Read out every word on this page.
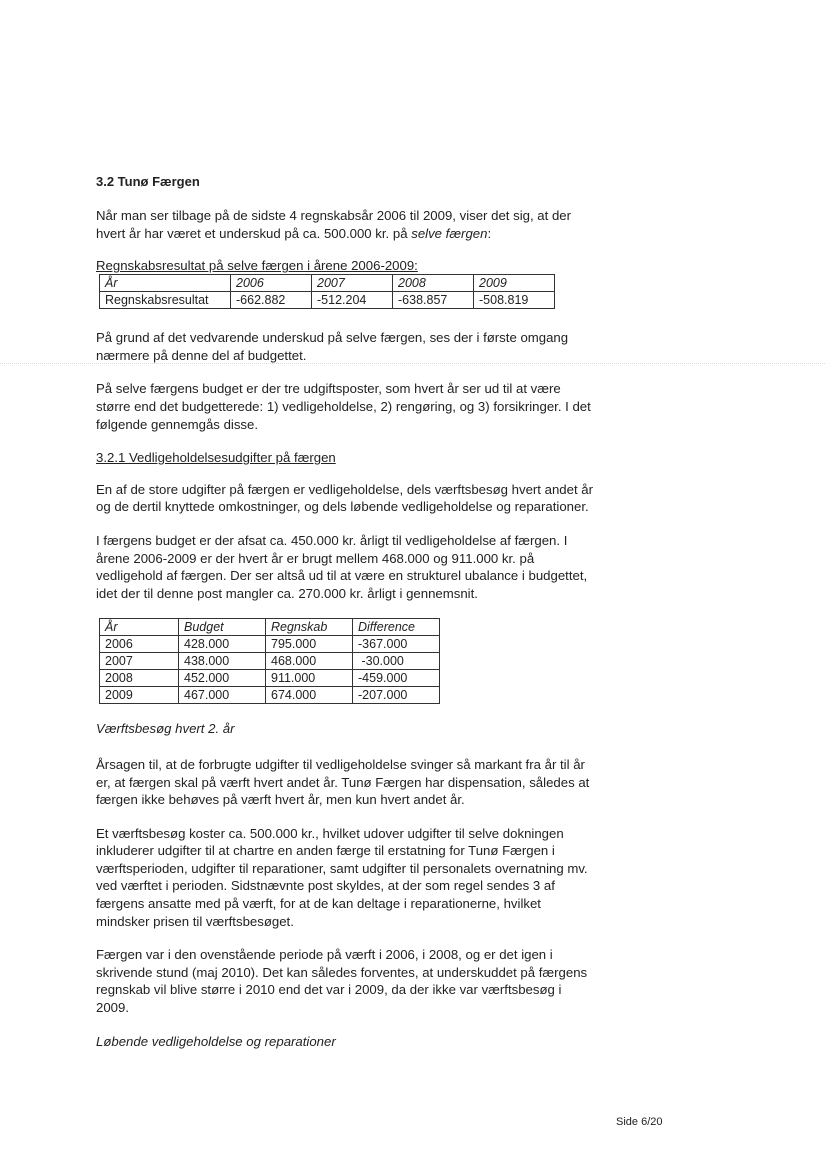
3.2 Tunø Færgen

Når man ser tilbage på de sidste 4 regnskabsår 2006 til 2009, viser det sig, at der hvert år har været et underskud på ca. 500.000 kr. på selve færgen:

Regnskabsresultat på selve færgen i årene 2006-2009:
År	2006	2007	2008	2009
Regnskabsresultat	-662.882	-512.204	-638.857	-508.819

På grund af det vedvarende underskud på selve færgen, ses der i første omgang nærmere på denne del af budgettet.

På selve færgens budget er der tre udgiftsposter, som hvert år ser ud til at være større end det budgetterede: 1) vedligeholdelse, 2) rengøring, og 3) forsikringer. I det følgende gennemgås disse.

3.2.1 Vedligeholdelsesudgifter på færgen

En af de store udgifter på færgen er vedligeholdelse, dels værftsbesøg hvert andet år og de dertil knyttede omkostninger, og dels løbende vedligeholdelse og reparationer.

I færgens budget er der afsat ca. 450.000 kr. årligt til vedligeholdelse af færgen. I årene 2006-2009 er der hvert år er brugt mellem 468.000 og 911.000 kr. på vedligehold af færgen. Der ser altså ud til at være en strukturel ubalance i budgettet, idet der til denne post mangler ca. 270.000 kr. årligt i gennemsnit.

År	Budget	Regnskab	Difference
2006	428.000	795.000	-367.000
2007	438.000	468.000	-30.000
2008	452.000	911.000	-459.000
2009	467.000	674.000	-207.000
Værftsbesøg hvert 2. år

Årsagen til, at de forbrugte udgifter til vedligeholdelse svinger så markant fra år til år er, at færgen skal på værft hvert andet år. Tunø Færgen har dispensation, således at færgen ikke behøves på værft hvert år, men kun hvert andet år.

Et værftsbesøg koster ca. 500.000 kr., hvilket udover udgifter til selve dokningen inkluderer udgifter til at chartre en anden færge til erstatning for Tunø Færgen i værftsperioden, udgifter til reparationer, samt udgifter til personalets overnatning mv. ved værftet i perioden. Sidstnævnte post skyldes, at der som regel sendes 3 af færgens ansatte med på værft, for at de kan deltage i reparationerne, hvilket mindsker prisen til værftsbesøget.

Færgen var i den ovenstående periode på værft i 2006, i 2008, og er det igen i skrivende stund (maj 2010). Det kan således forventes, at underskuddet på færgens regnskab vil blive større i 2010 end det var i 2009, da der ikke var værftsbesøg i 2009.

Løbende vedligeholdelse og reparationer
Side 6/20
